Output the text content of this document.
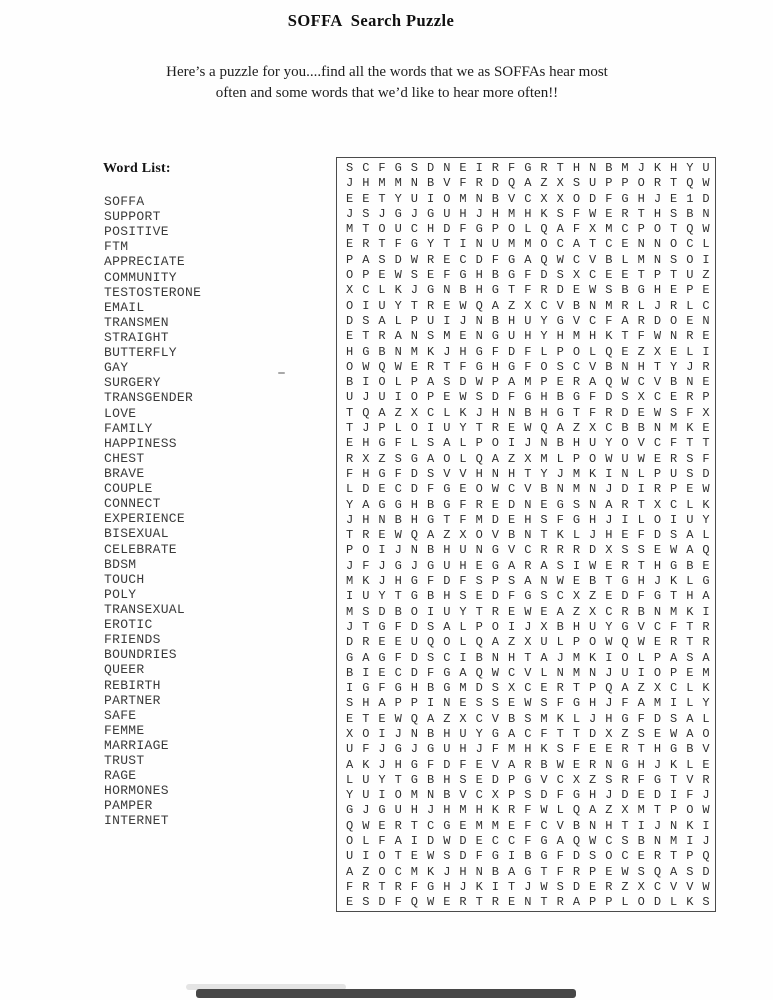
SOFFA  Search Puzzle
Here’s a puzzle for you....find all the words that we as SOFFAs hear most
often and some words that we’d like to hear more often!!
Word List:
SOFFA
SUPPORT
POSITIVE
FTM
APPRECIATE
COMMUNITY
TESTOSTERONE
EMAIL
TRANSMEN
STRAIGHT
BUTTERFLY
GAY
SURGERY
TRANSGENDER
LOVE
FAMILY
HAPPINESS
CHEST
BRAVE
COUPLE
CONNECT
EXPERIENCE
BISEXUAL
CELEBRATE
BDSM
TOUCH
POLY
TRANSEXUAL
EROTIC
FRIENDS
BOUNDRIES
QUEER
REBIRTH
PARTNER
SAFE
FEMME
MARRIAGE
TRUST
RAGE
HORMONES
PAMPER
INTERNET
SCFGSDNEIRFGRTHNBMJKHYU
JHMMNBVFRDQAZXSUPPORTQW
EETYUIOMNBVCXXODFGHJE1D
JSJGJGUHJHMHKSFWERTHSBN
MTOUCHDFGPOLQAFXMCPOTQW
ERTFGYTINUMMOCATCENNOCL
PASDWRECDFGAQWCVBLMNSOI
OPEWSEFGHBGFDSXCEETPTUZ
XCLKJGNBHGTFRDEWSBGHEPE
OIUYTREWQAZXCVBNMRLJRLC
DSALPUIJNBHUYGVCFARDOEN
ETRANSMENGUHYHMHKTFWNRE
HGBNMKJHGFDFLPOLQEZXELI
OWQWERTFGHGFOSCVBNHTYJR
BIOLPASDWPAMPERAQWCVBNE
UJUIOPEWSDFGHBGFDSXCERP
TQAZXCLKJHNBHGTFRDEWSFX
TJPLOIUYTREWQAZXCBBNMKE
EHGFLSALPOIJNBHUYOVCFTT
RXZSGAOLQAZXMLPOWUWERSF
FHGFDSVVHNHTYJMKINLPUSD
LDECDFGEOWCVBNMNJDIRPEW
YAGGHBGFREDNEGSNARTXCLK
JHNBHGTFMDEHSFGHJILOIUY
TREWQAZXOVBNTKLJHEFDSAL
POIJNBHUNGVCRRRDXSSEWAQ
JFJGJGUHEGARASIWERTHGBE
MKJHGFDFSPSANWEBTGHJKLG
IUYTGBHSEDFGSCXZEDFGTHA
MSDBOIUYTREWEAZXCRBNMKI
JTGFDSALPOIJXBHUYGVCFTR
DREEUQOLQAZXULPOWQWERTR
GAGFDSCIBNHTAJMKIOLPASA
BIECDFGAQWCVLNMNJUIOPEM
IGFGHBGMDSXCERTPQAZXCLK
SHAPPINESSEWSFGHJFAMILY
ETEWQAZXCVBSMKLJHGFDSAL
XOIJNBHUYGACFTTDXZSEWAO
UFJGJGUHJFMHKSFEERTHGBV
AKJHGFDFEVARBWERNGHJKLE
LUYTGBHSEDPGVCXZSRFGTVR
YUIOMNBVCXPSDFGHJDEDIFJ
GJGUHJHMHKRFWLQAZXMTPOW
QWERTCGEMMEFCVBNHTIJNKI
OLFAIDWDECCFGAQWCSBNMIJ
UIOTEWSDFGIBGFDSOCERTPQ
AZOCMKJHNBAGTFRPEWSQASD
FRTRFGHJKITJWSDERZXCVVW
ESDFQWERTRENTRAPPLODLKS
